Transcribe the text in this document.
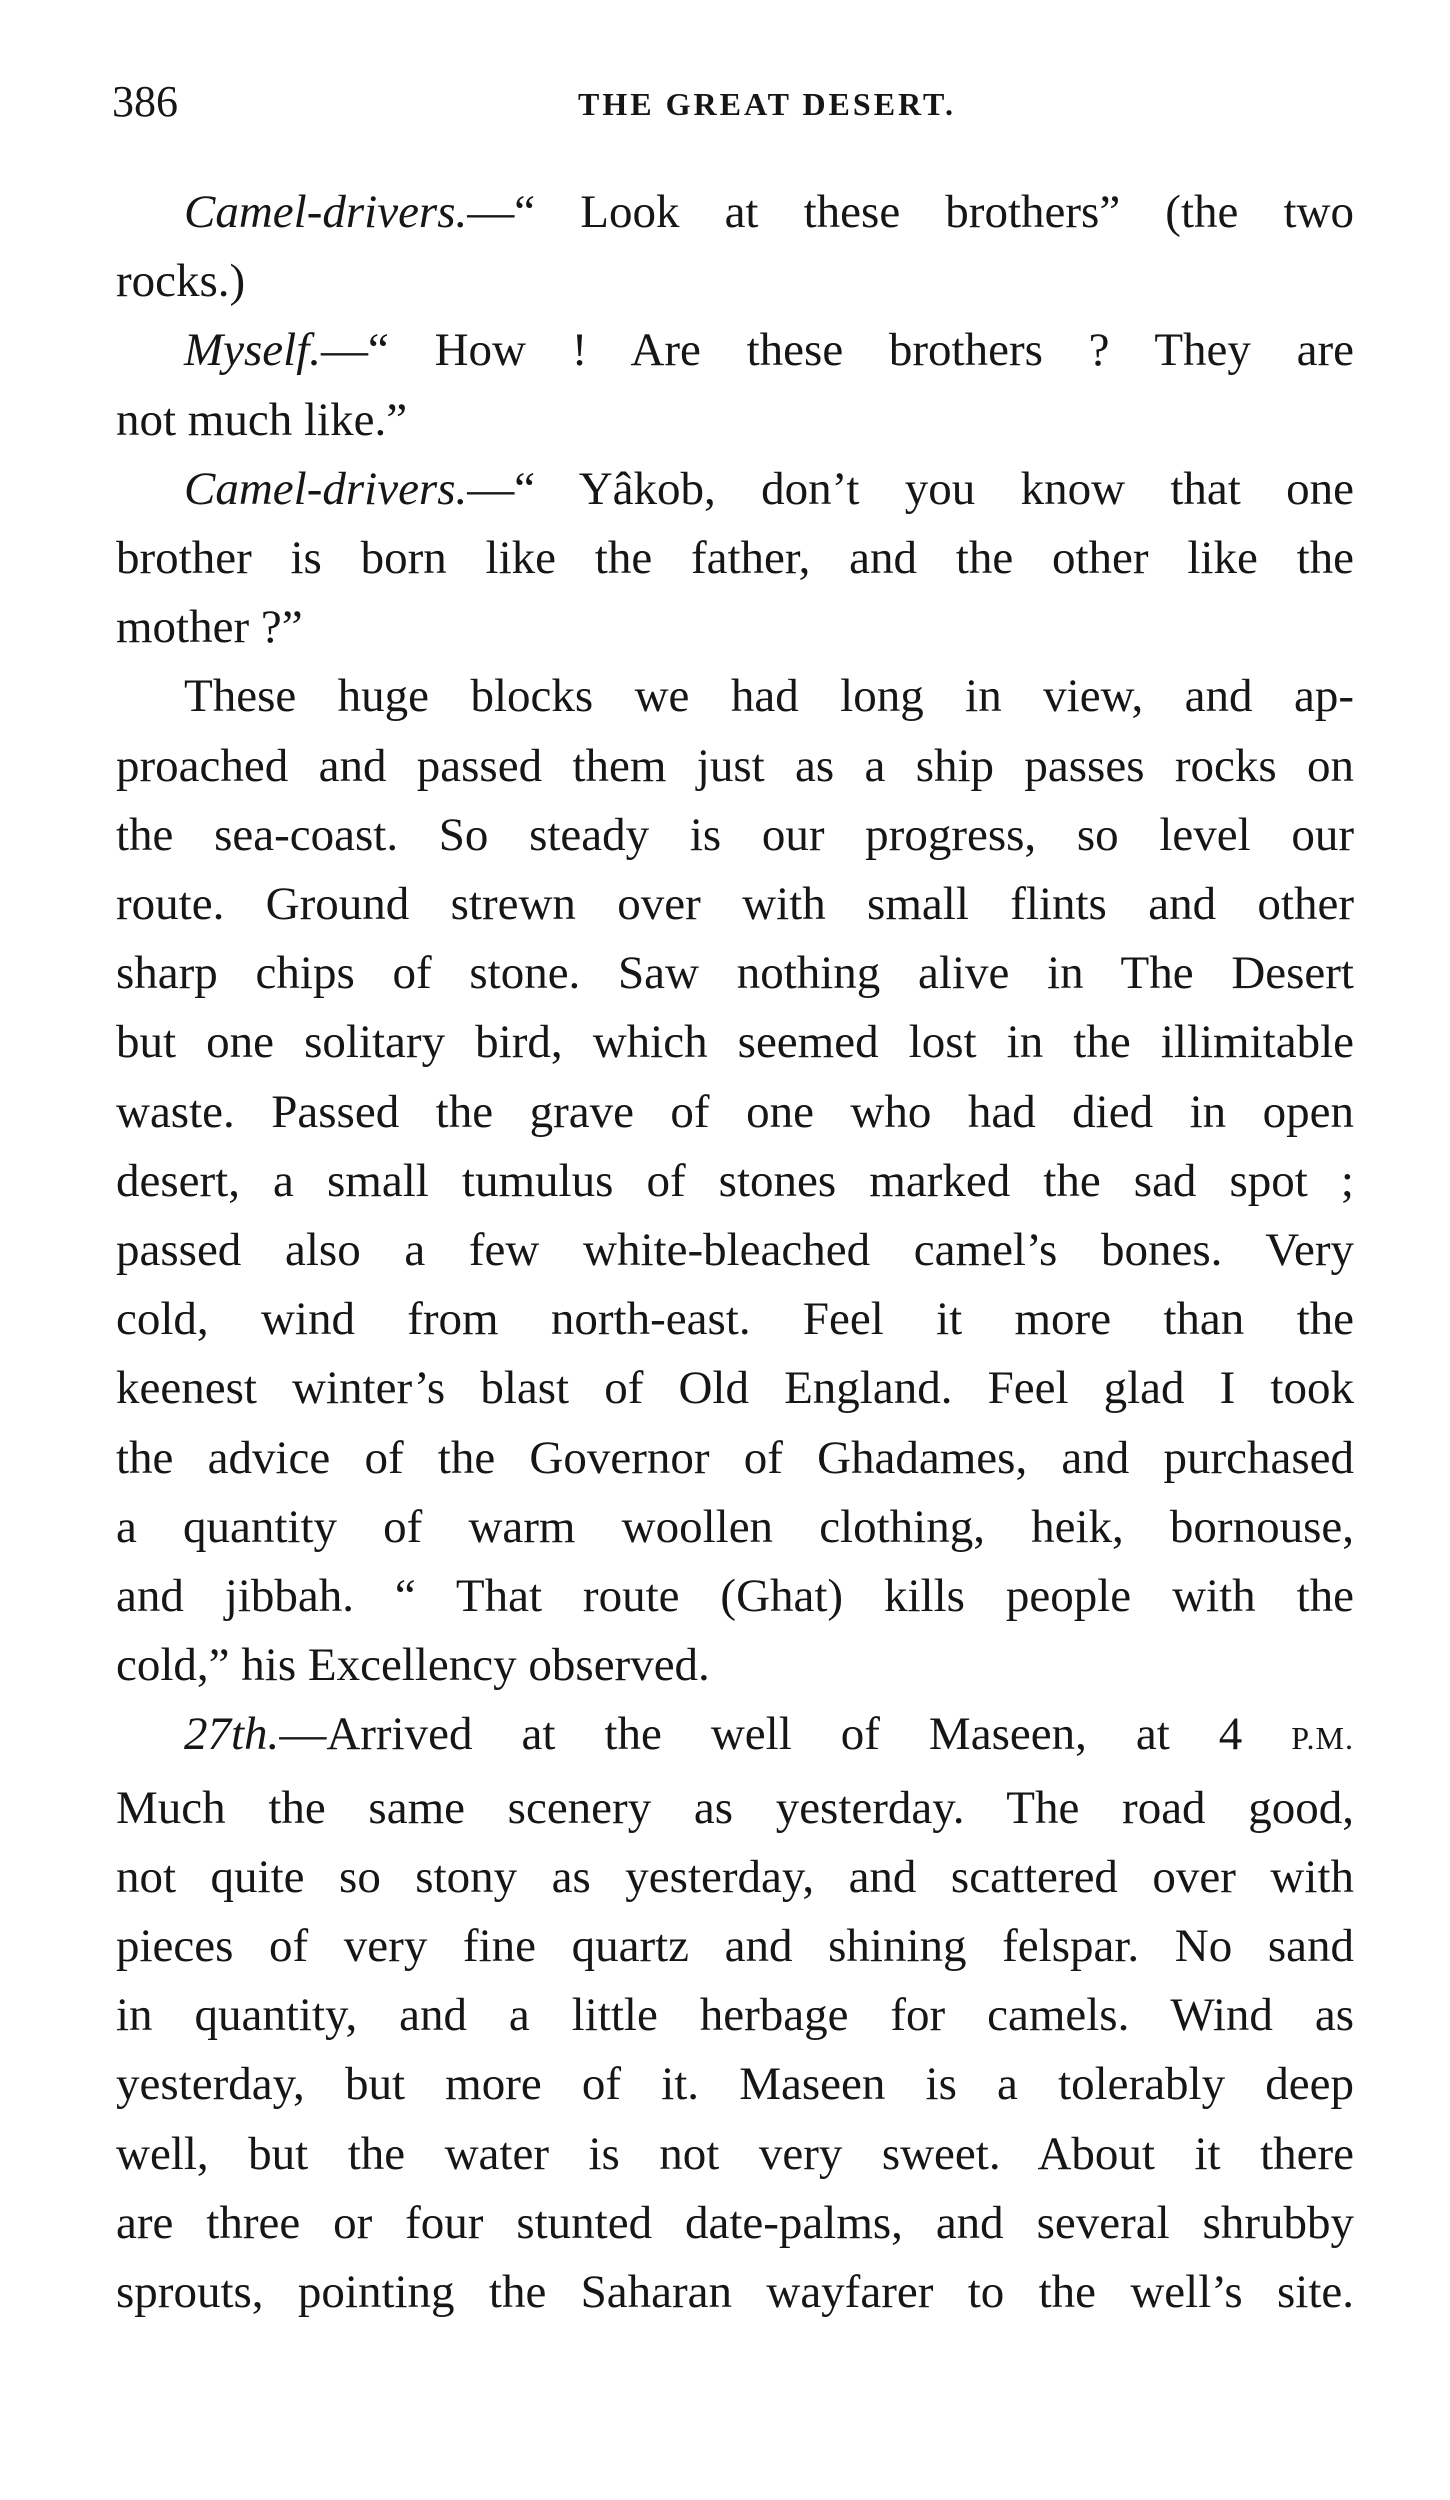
386	THE GREAT DESERT.
Camel-drivers.—“ Look at these brothers” (the two
rocks.)
Myself.—“ How ! Are these brothers ? They are
not much like.”
Camel-drivers.—“ Yâkob, don’t you know that one
brother is born like the father, and the other like the
mother ?”
These huge blocks we had long in view, and ap-
proached and passed them just as a ship passes rocks on
the sea-coast. So steady is our progress, so level our
route. Ground strewn over with small flints and other
sharp chips of stone. Saw nothing alive in The Desert
but one solitary bird, which seemed lost in the illimitable
waste. Passed the grave of one who had died in open
desert, a small tumulus of stones marked the sad spot ;
passed also a few white-bleached camel’s bones. Very
cold, wind from north-east. Feel it more than the
keenest winter’s blast of Old England. Feel glad I took
the advice of the Governor of Ghadames, and purchased
a quantity of warm woollen clothing, heik, bornouse,
and jibbah. “ That route (Ghat) kills people with the
cold,” his Excellency observed.
27th.—Arrived at the well of Maseen, at 4 P.M.
Much the same scenery as yesterday. The road good,
not quite so stony as yesterday, and scattered over with
pieces of very fine quartz and shining felspar. No sand
in quantity, and a little herbage for camels. Wind as
yesterday, but more of it. Maseen is a tolerably deep
well, but the water is not very sweet. About it there
are three or four stunted date-palms, and several shrubby
sprouts, pointing the Saharan wayfarer to the well’s site.
